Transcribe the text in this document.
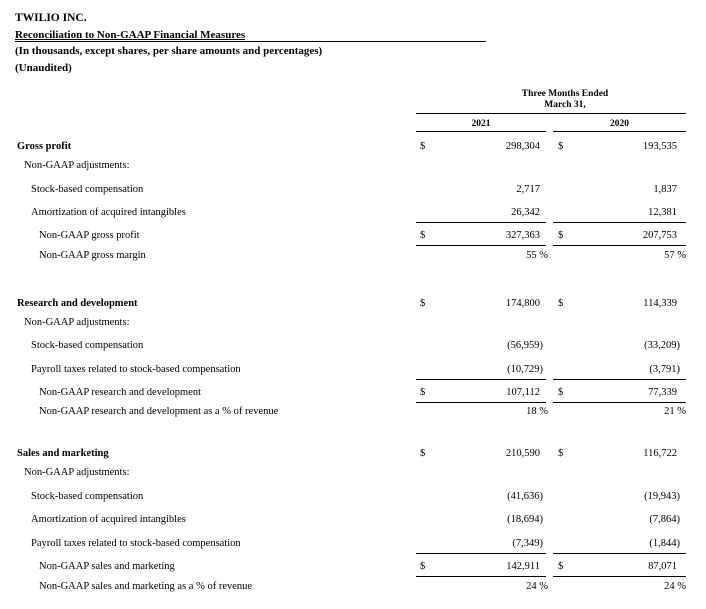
TWILIO INC.
Reconciliation to Non-GAAP Financial Measures
(In thousands, except shares, per share amounts and percentages)
(Unaudited)
Three Months Ended
March 31,
2021	2020
Gross profit	$	298,304 $	193,535
Non-GAAP adjustments:
Stock-based compensation	2,717	1,837
Amortization of acquired intangibles	26,342	12,381
Non-GAAP gross profit	$	327,363 $	207,753
Non-GAAP gross margin	55 %	57 %
Research and development	$	174,800 $	114,339
Non-GAAP adjustments:
Stock-based compensation	(56,959)	(33,209)
Payroll taxes related to stock-based compensation	(10,729)	(3,791)
Non-GAAP research and development	$	107,112 $	77,339
Non-GAAP research and development as a % of revenue	18 %	21 %
Sales and marketing	$	210,590 $	116,722
Non-GAAP adjustments:
Stock-based compensation	(41,636)	(19,943)
Amortization of acquired intangibles	(18,694)	(7,864)
Payroll taxes related to stock-based compensation	(7,349)	(1,844)
Non-GAAP sales and marketing	$	142,911 $	87,071
Non-GAAP sales and marketing as a % of revenue	24 %	24 %
